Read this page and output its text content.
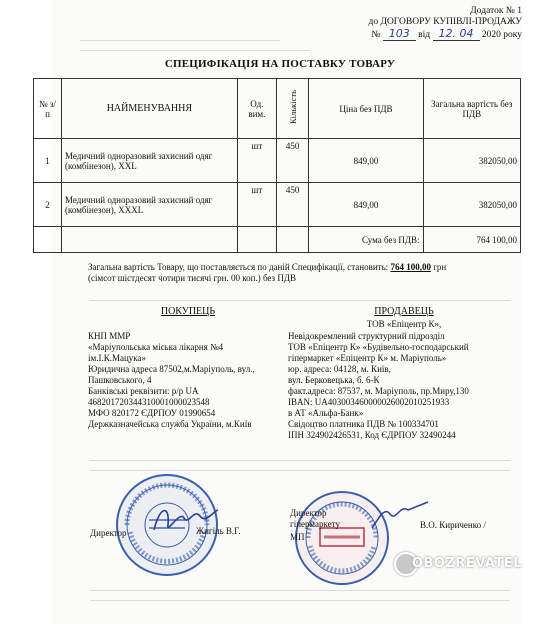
Додаток № 1
до ДОГОВОРУ КУПІВЛІ-ПРОДАЖУ
№ 103 від 12. 04 2020 року
СПЕЦИФІКАЦІЯ НА ПОСТАВКУ ТОВАРУ
№ з/п	НАЙМЕНУВАННЯ	Од. вим.	Кількість	Ціна без ПДВ	Загальна вартість без ПДВ
1	Медичний одноразовий захисний одяг (комбінезон), XXL	шт	450	849,00	382050,00
2	Медичний одноразовий захисний одяг (комбінезон), XXXL	шт	450	849,00	382050,00
				Сума без ПДВ:	764 100,00
Загальна вартість Товару, що поставляється по даній Специфікації, становить: 764 100,00 грн
(сімсот шістдесят чотири тисячі грн. 00 коп.) без ПДВ
ПОКУПЕЦЬ
КНП ММР
«Маріупольська міська лікарня №4
ім.І.К.Мацука»
Юридична адреса 87502,м.Маріуполь, вул.,
Пашковського, 4
Банківські реквізити: р/р UA
468201720344310001000023548
МФО 820172 ЄДРПОУ 01990654
Держказначейська служба України, м.Київ
ПРОДАВЕЦЬ
ТОВ «Епіцентр К»,
Невідокремлений структурний підрозділ
ТОВ «Епіцентр К» «Будівельно-господарський
гіпермаркет «Епіцентр К» м. Маріуполь»
юр. адреса: 04128, м. Київ,
вул. Берковецька, б. 6-К
факт.адреса: 87537, м. Маріуполь, пр.Миру,130
IBAN: UA403003460000026002010251933
в АТ «Альфа-Банк»
Свідоцтво платника ПДВ № 100334701
ІПН 324902426531, Код ЄДРПОУ 32490244
Директор	Жигіль В.Г.
Директор гіпермаркету
МП
В.О. Кириченко /
OBOZREVATEL
